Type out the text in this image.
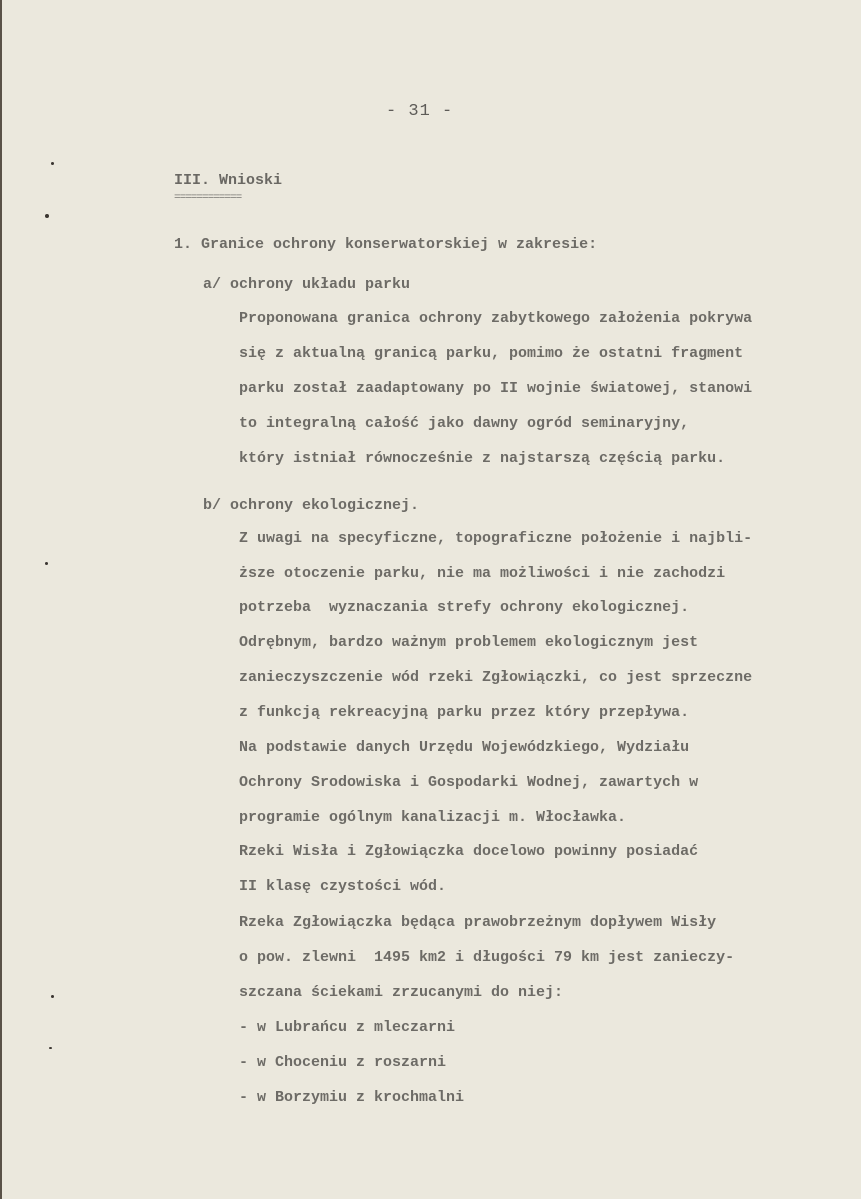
- 31 -
III. Wnioski
============
1. Granice ochrony konserwatorskiej w zakresie:
a/ ochrony układu parku
Proponowana granica ochrony zabytkowego założenia pokrywa
się z aktualną granicą parku, pomimo że ostatni fragment
parku został zaadaptowany po II wojnie światowej, stanowi
to integralną całość jako dawny ogród seminaryjny,
który istniał równocześnie z najstarszą częścią parku.
b/ ochrony ekologicznej.
Z uwagi na specyficzne, topograficzne położenie i najbli-
ższe otoczenie parku, nie ma możliwości i nie zachodzi
potrzeba  wyznaczania strefy ochrony ekologicznej.
Odrębnym, bardzo ważnym problemem ekologicznym jest
zanieczyszczenie wód rzeki Zgłowiączki, co jest sprzeczne
z funkcją rekreacyjną parku przez który przepływa.
Na podstawie danych Urzędu Wojewódzkiego, Wydziału
Ochrony Srodowiska i Gospodarki Wodnej, zawartych w
programie ogólnym kanalizacji m. Włocławka.
Rzeki Wisła i Zgłowiączka docelowo powinny posiadać
II klasę czystości wód.
Rzeka Zgłowiączka będąca prawobrzeżnym dopływem Wisły
o pow. zlewni  1495 km2 i długości 79 km jest zanieczy-
szczana ściekami zrzucanymi do niej:
- w Lubrańcu z mleczarni
- w Choceniu z roszarni
- w Borzymiu z krochmalni
